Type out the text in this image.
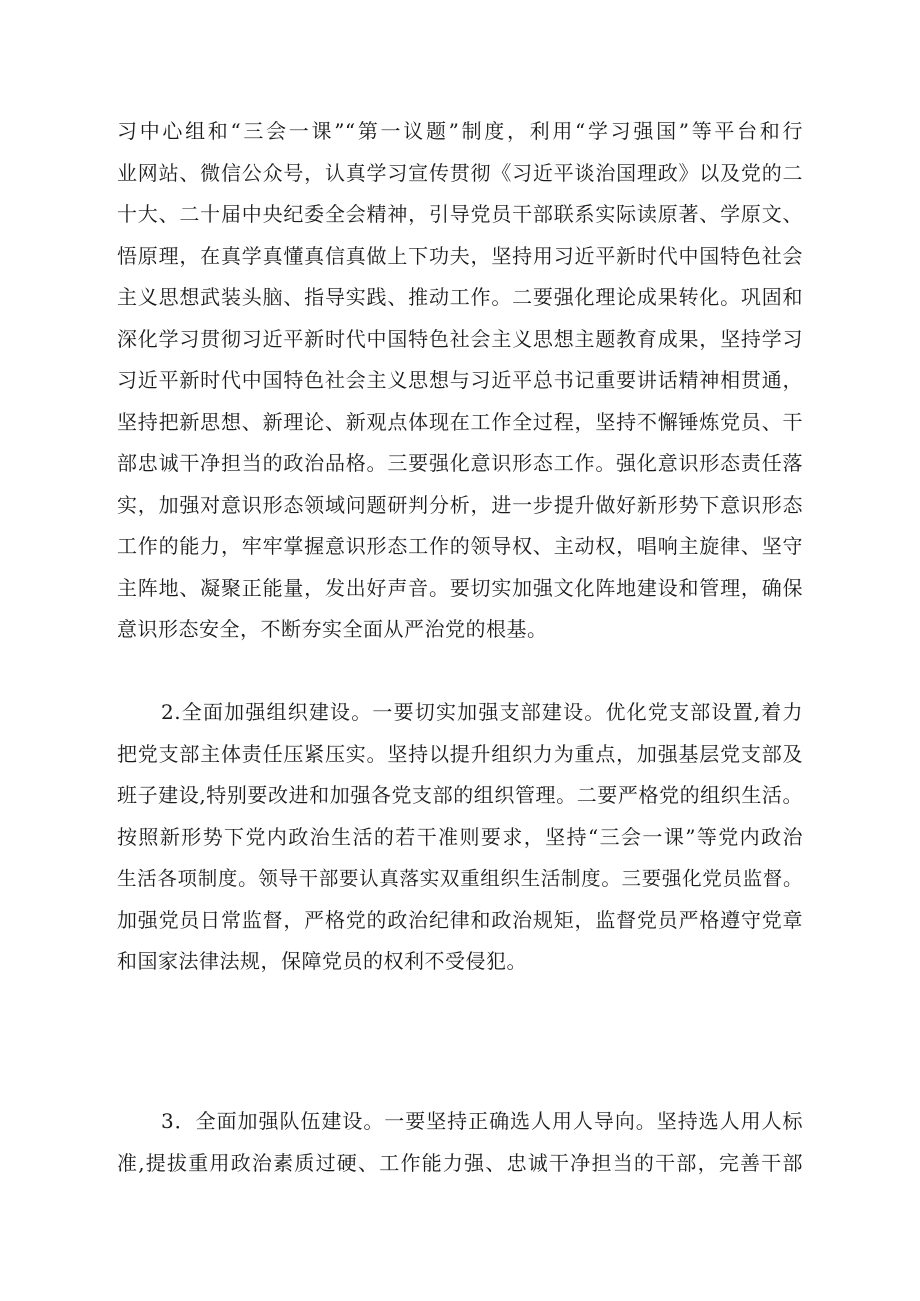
习中心组和“三会一课”“第一议题”制度，利用“学习强国”等平台和行
业网站、微信公众号，认真学习宣传贯彻《习近平谈治国理政》以及党的二
十大、二十届中央纪委全会精神，引导党员干部联系实际读原著、学原文、
悟原理，在真学真懂真信真做上下功夫，坚持用习近平新时代中国特色社会
主义思想武装头脑、指导实践、推动工作。二要强化理论成果转化。巩固和
深化学习贯彻习近平新时代中国特色社会主义思想主题教育成果，坚持学习
习近平新时代中国特色社会主义思想与习近平总书记重要讲话精神相贯通，
坚持把新思想、新理论、新观点体现在工作全过程，坚持不懈锤炼党员、干
部忠诚干净担当的政治品格。三要强化意识形态工作。强化意识形态责任落
实，加强对意识形态领域问题研判分析，进一步提升做好新形势下意识形态
工作的能力，牢牢掌握意识形态工作的领导权、主动权，唱响主旋律、坚守
主阵地、凝聚正能量，发出好声音。要切实加强文化阵地建设和管理，确保
意识形态安全，不断夯实全面从严治党的根基。
2.全面加强组织建设。一要切实加强支部建设。优化党支部设置,着力
把党支部主体责任压紧压实。坚持以提升组织力为重点，加强基层党支部及
班子建设,特别要改进和加强各党支部的组织管理。二要严格党的组织生活。
按照新形势下党内政治生活的若干准则要求，坚持“三会一课”等党内政治
生活各项制度。领导干部要认真落实双重组织生活制度。三要强化党员监督。
加强党员日常监督，严格党的政治纪律和政治规矩，监督党员严格遵守党章
和国家法律法规，保障党员的权利不受侵犯。
3．全面加强队伍建设。一要坚持正确选人用人导向。坚持选人用人标
准,提拔重用政治素质过硬、工作能力强、忠诚干净担当的干部，完善干部
